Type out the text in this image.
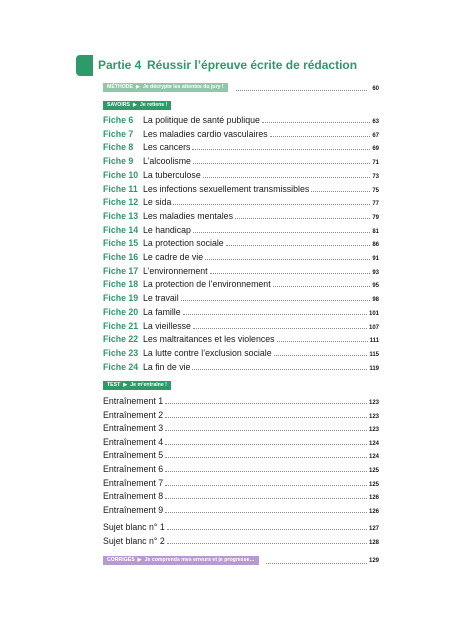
Partie 4 Réussir l’épreuve écrite de rédaction
MÉTHODE ▶ Je décrypte les attentes du jury !	60
SAVOIRS ▶ Je retiens !
Fiche 6	La politique de santé publique	63
Fiche 7	Les maladies cardio vasculaires	67
Fiche 8	Les cancers	69
Fiche 9	L’alcoolisme	71
Fiche 10 La tuberculose	73
Fiche 11 Les infections sexuellement transmissibles	75
Fiche 12 Le sida	77
Fiche 13 Les maladies mentales	79
Fiche 14 Le handicap	81
Fiche 15 La protection sociale	86
Fiche 16 Le cadre de vie	91
Fiche 17 L’environnement	93
Fiche 18 La protection de l’environnement	95
Fiche 19 Le travail	98
Fiche 20 La famille	101
Fiche 21 La vieillesse	107
Fiche 22 Les maltraitances et les violences	111
Fiche 23 La lutte contre l’exclusion sociale	115
Fiche 24 La fin de vie	119
TEST ▶ Je m’entraîne !
Entraînement 1	123
Entraînement 2	123
Entraînement 3	123
Entraînement 4	124
Entraînement 5	124
Entraînement 6	125
Entraînement 7	125
Entraînement 8	126
Entraînement 9	126
Sujet blanc n° 1	127
Sujet blanc n° 2	128
CORRIGÉS ▶ Je comprends mes erreurs et je progresse…	129
